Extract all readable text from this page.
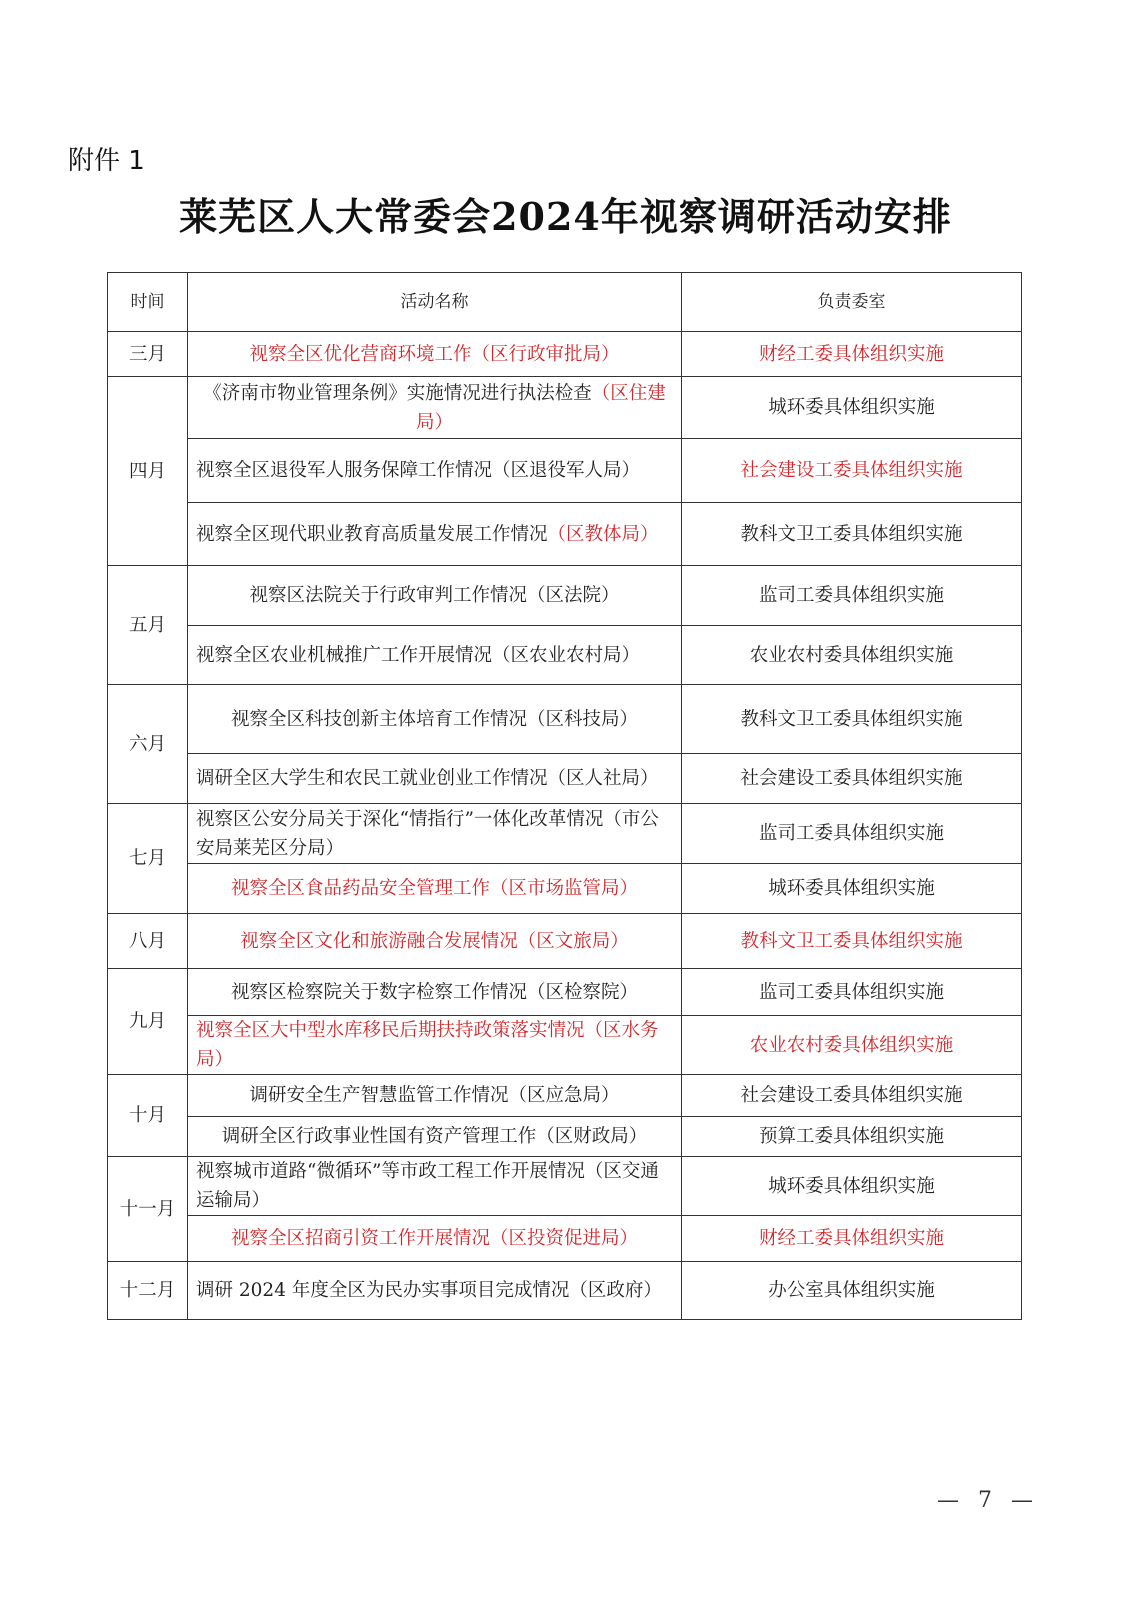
附件 1
莱芜区人大常委会2024年视察调研活动安排
时间	活动名称	负责委室
三月	视察全区优化营商环境工作（区行政审批局）	财经工委具体组织实施
四月	《济南市物业管理条例》实施情况进行执法检查（区住建局）	城环委具体组织实施
	视察全区退役军人服务保障工作情况（区退役军人局）	社会建设工委具体组织实施
	视察全区现代职业教育高质量发展工作情况（区教体局）	教科文卫工委具体组织实施
五月	视察区法院关于行政审判工作情况（区法院）	监司工委具体组织实施
	视察全区农业机械推广工作开展情况（区农业农村局）	农业农村委具体组织实施
六月	视察全区科技创新主体培育工作情况（区科技局）	教科文卫工委具体组织实施
	调研全区大学生和农民工就业创业工作情况（区人社局）	社会建设工委具体组织实施
七月	视察区公安分局关于深化“情指行”一体化改革情况（市公安局莱芜区分局）	监司工委具体组织实施
	视察全区食品药品安全管理工作（区市场监管局）	城环委具体组织实施
八月	视察全区文化和旅游融合发展情况（区文旅局）	教科文卫工委具体组织实施
九月	视察区检察院关于数字检察工作情况（区检察院）	监司工委具体组织实施
	视察全区大中型水库移民后期扶持政策落实情况（区水务局）	农业农村委具体组织实施
十月	调研安全生产智慧监管工作情况（区应急局）	社会建设工委具体组织实施
	调研全区行政事业性国有资产管理工作（区财政局）	预算工委具体组织实施
十一月	视察城市道路“微循环”等市政工程工作开展情况（区交通运输局）	城环委具体组织实施
	视察全区招商引资工作开展情况（区投资促进局）	财经工委具体组织实施
十二月	调研 2024 年度全区为民办实事项目完成情况（区政府）	办公室具体组织实施
— 7 —
